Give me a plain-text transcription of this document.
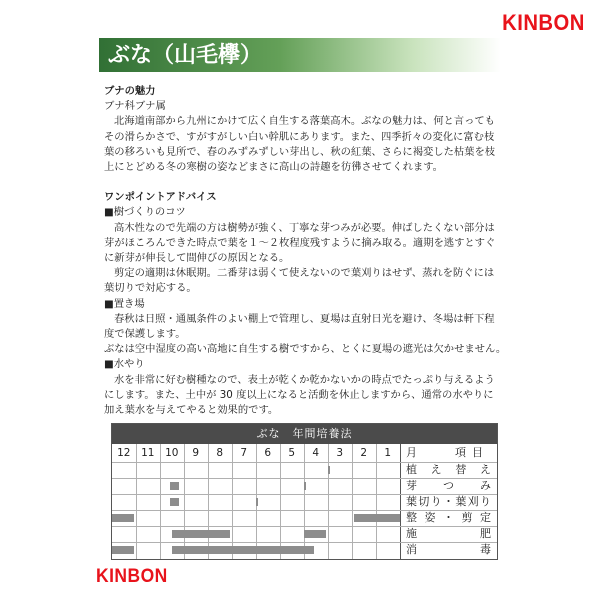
KINBON
ぶな（山毛欅）

ブナの魅力

ブナ科ブナ属

北海道南部から九州にかけて広く自生する落葉高木。ぶなの魅力は、何と言っても

その滑らかさで、すがすがしい白い幹肌にあります。また、四季折々の変化に富む枝

葉の移ろいも見所で、春のみずみずしい芽出し、秋の紅葉、さらに褐変した枯葉を枝

上にとどめる冬の寒樹の姿などまさに高山の詩趣を彷彿させてくれます。

ワンポイントアドバイス

■樹づくりのコツ

高木性なので先端の方は樹勢が強く、丁寧な芽つみが必要。伸ばしたくない部分は

芽がほころんできた時点で葉を１～２枚程度残すように摘み取る。適期を逃すとすぐ

に新芽が伸長して間伸びの原因となる。

剪定の適期は休眠期。二番芽は弱くて使えないので葉刈りはせず、蒸れを防ぐには

葉切りで対応する。

■置き場

春秋は日照・通風条件のよい棚上で管理し、夏場は直射日光を避け、冬場は軒下程

度で保護します。

ぶなは空中湿度の高い高地に自生する樹ですから、とくに夏場の遮光は欠かせません。

■水やり

水を非常に好む樹種なので、表土が乾くか乾かないかの時点でたっぷり与えるよう

にします。また、土中が 30 度以上になると活動を休止しますから、通常の水やりに

加え葉水を与えてやると効果的です。

ぶな　年間培養法
月	項目
12	11	10	9	8	7	6	5	4	3	2	1
植え替え
芽つみ
葉切り・葉刈り
整姿・剪定
施肥
消毒
KINBON
